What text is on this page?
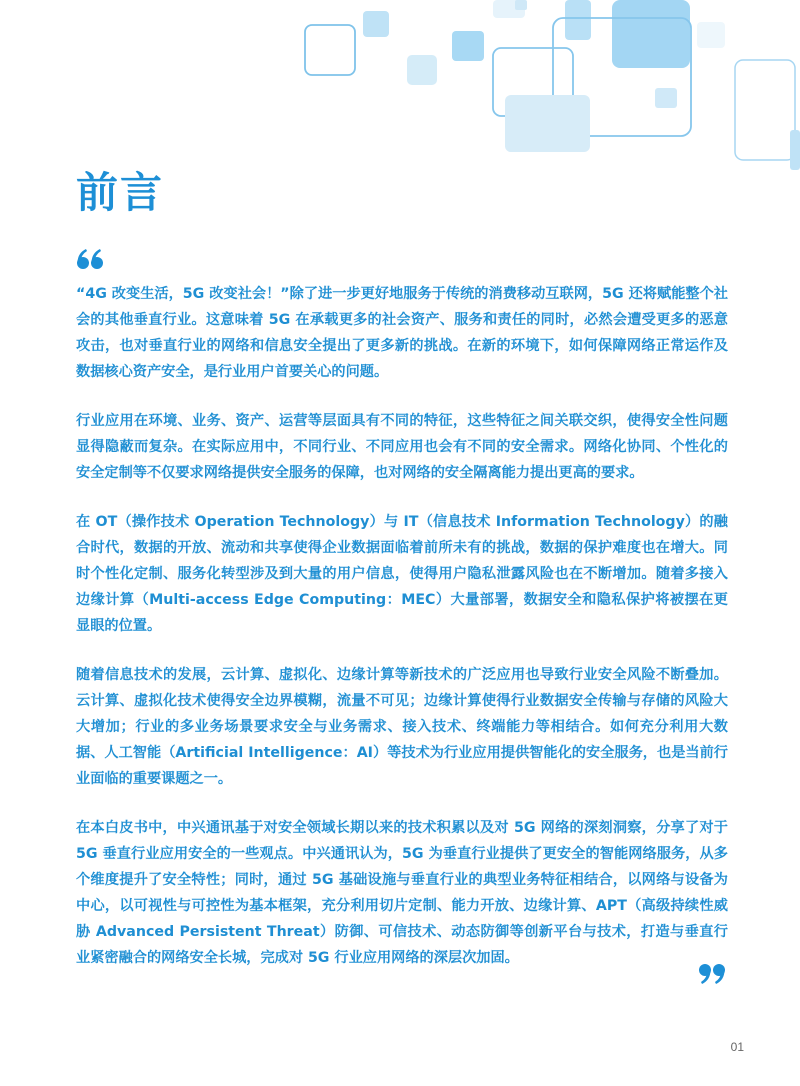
前言

“4G 改变生活，5G 改变社会！”除了进一步更好地服务于传统的消费移动互联网，5G 还将赋能整个社会的其他垂直行业。这意味着 5G 在承载更多的社会资产、服务和责任的同时，必然会遭受更多的恶意攻击，也对垂直行业的网络和信息安全提出了更多新的挑战。在新的环境下，如何保障网络正常运作及数据核心资产安全，是行业用户首要关心的问题。

行业应用在环境、业务、资产、运营等层面具有不同的特征，这些特征之间关联交织，使得安全性问题显得隐蔽而复杂。在实际应用中，不同行业、不同应用也会有不同的安全需求。网络化协同、个性化的安全定制等不仅要求网络提供安全服务的保障，也对网络的安全隔离能力提出更高的要求。

在 OT（操作技术 Operation Technology）与 IT（信息技术 Information Technology）的融合时代，数据的开放、流动和共享使得企业数据面临着前所未有的挑战，数据的保护难度也在增大。同时个性化定制、服务化转型涉及到大量的用户信息，使得用户隐私泄露风险也在不断增加。随着多接入边缘计算（Multi-access Edge Computing：MEC）大量部署，数据安全和隐私保护将被摆在更显眼的位置。

随着信息技术的发展，云计算、虚拟化、边缘计算等新技术的广泛应用也导致行业安全风险不断叠加。云计算、虚拟化技术使得安全边界模糊，流量不可见；边缘计算使得行业数据安全传输与存储的风险大大增加；行业的多业务场景要求安全与业务需求、接入技术、终端能力等相结合。如何充分利用大数据、人工智能（Artificial Intelligence：AI）等技术为行业应用提供智能化的安全服务，也是当前行业面临的重要课题之一。

在本白皮书中，中兴通讯基于对安全领域长期以来的技术积累以及对 5G 网络的深刻洞察，分享了对于 5G 垂直行业应用安全的一些观点。中兴通讯认为，5G 为垂直行业提供了更安全的智能网络服务，从多个维度提升了安全特性；同时，通过 5G 基础设施与垂直行业的典型业务特征相结合，以网络与设备为中心，以可视性与可控性为基本框架，充分利用切片定制、能力开放、边缘计算、APT（高级持续性威胁 Advanced Persistent Threat）防御、可信技术、动态防御等创新平台与技术，打造与垂直行业紧密融合的网络安全长城，完成对 5G 行业应用网络的深层次加固。

01
